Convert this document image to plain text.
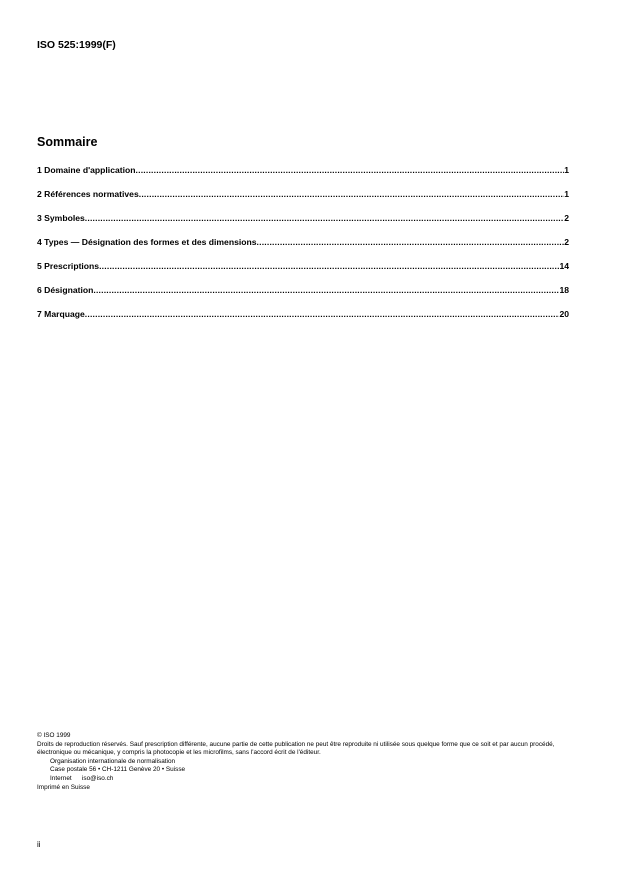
ISO 525:1999(F)
Sommaire
1 Domaine d'application .....	1
2 Références normatives .....	1
3 Symboles .....	2
4 Types — Désignation des formes et des dimensions .....	2
5 Prescriptions .....	14
6 Désignation .....	18
7 Marquage .....	20

© ISO 1999

Droits de reproduction réservés. Sauf prescription différente, aucune partie de cette publication ne peut être reproduite ni utilisée sous quelque forme que ce soit et par aucun procédé, électronique ou mécanique, y compris la photocopie et les microfilms, sans l'accord écrit de l'éditeur.

Organisation internationale de normalisation

Case postale 56 • CH-1211 Genève 20 • Suisse

Internet iso@iso.ch

Imprimé en Suisse

ii
